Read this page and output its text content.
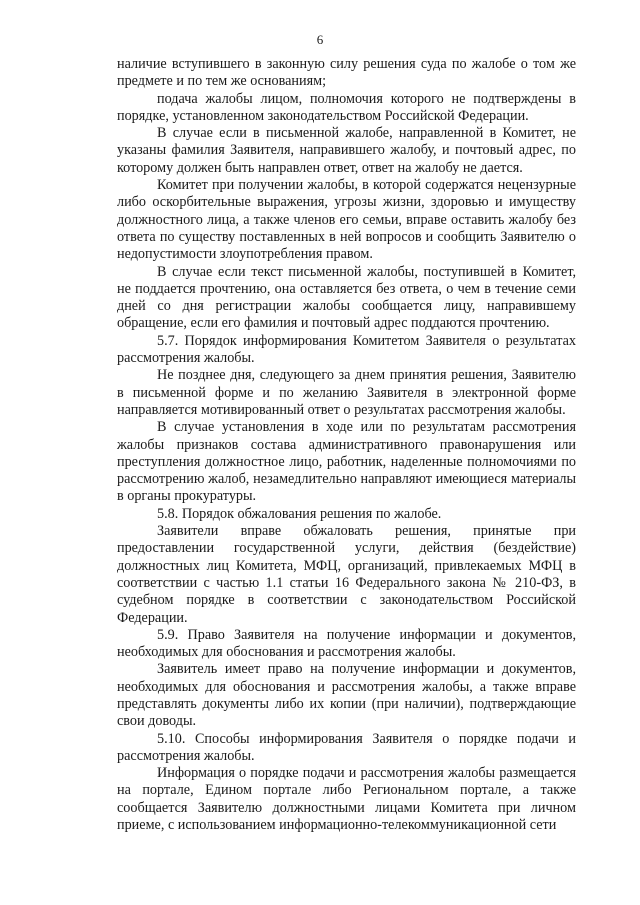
6

наличие вступившего в законную силу решения суда по жалобе о том же предмете и по тем же основаниям;

подача жалобы лицом, полномочия которого не подтверждены в порядке, установленном законодательством Российской Федерации.

В случае если в письменной жалобе, направленной в Комитет, не указаны фамилия Заявителя, направившего жалобу, и почтовый адрес, по которому должен быть направлен ответ, ответ на жалобу не дается.

Комитет при получении жалобы, в которой содержатся нецензурные либо оскорбительные выражения, угрозы жизни, здоровью и имуществу должностного лица, а также членов его семьи, вправе оставить жалобу без ответа по существу поставленных в ней вопросов и сообщить Заявителю о недопустимости злоупотребления правом.

В случае если текст письменной жалобы, поступившей в Комитет, не поддается прочтению, она оставляется без ответа, о чем в течение семи дней со дня регистрации жалобы сообщается лицу, направившему обращение, если его фамилия и почтовый адрес поддаются прочтению.

5.7. Порядок информирования Комитетом Заявителя о результатах рассмотрения жалобы.

Не позднее дня, следующего за днем принятия решения, Заявителю в письменной форме и по желанию Заявителя в электронной форме направляется мотивированный ответ о результатах рассмотрения жалобы.

В случае установления в ходе или по результатам рассмотрения жалобы признаков состава административного правонарушения или преступления должностное лицо, работник, наделенные полномочиями по рассмотрению жалоб, незамедлительно направляют имеющиеся материалы в органы прокуратуры.

5.8. Порядок обжалования решения по жалобе.

Заявители вправе обжаловать решения, принятые при предоставлении государственной услуги, действия (бездействие) должностных лиц Комитета, МФЦ, организаций, привлекаемых МФЦ в соответствии с частью 1.1 статьи 16 Федерального закона № 210-ФЗ, в судебном порядке в соответствии с законодательством Российской Федерации.

5.9. Право Заявителя на получение информации и документов, необходимых для обоснования и рассмотрения жалобы.

Заявитель имеет право на получение информации и документов, необходимых для обоснования и рассмотрения жалобы, а также вправе представлять документы либо их копии (при наличии), подтверждающие свои доводы.

5.10. Способы информирования Заявителя о порядке подачи и рассмотрения жалобы.

Информация о порядке подачи и рассмотрения жалобы размещается на портале, Едином портале либо Региональном портале, а также сообщается Заявителю должностными лицами Комитета при личном приеме, с использованием информационно-телекоммуникационной сети
